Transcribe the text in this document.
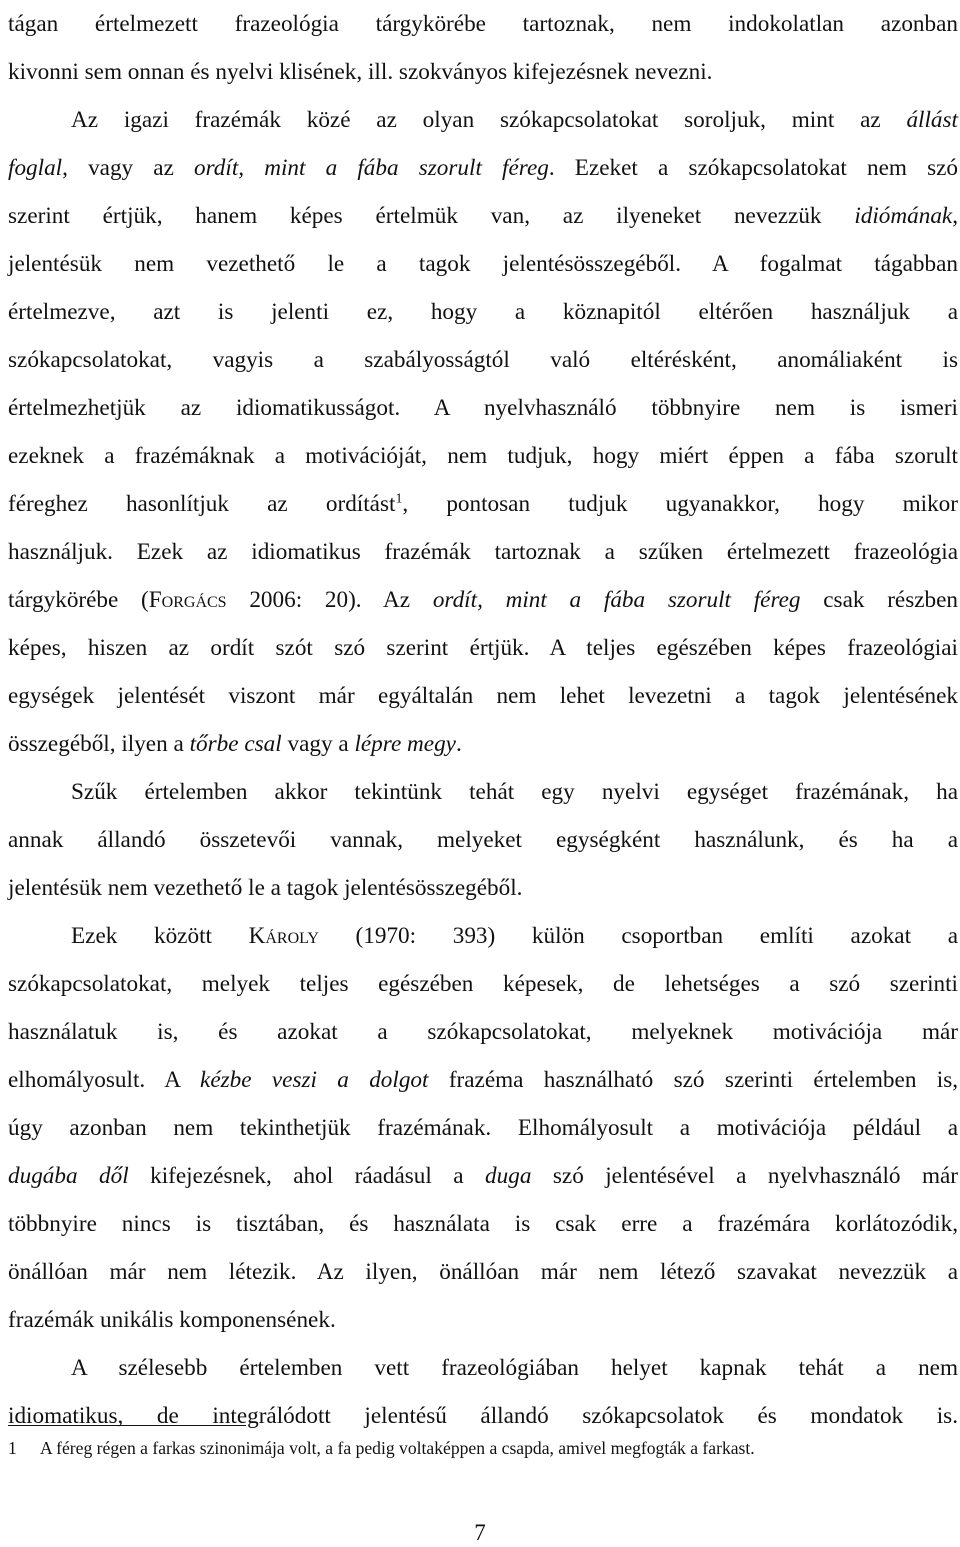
tágan értelmezett frazeológia tárgykörébe tartoznak, nem indokolatlan azonban
kivonni sem onnan és nyelvi klisének, ill. szokványos kifejezésnek nevezni.
Az igazi frazémák közé az olyan szókapcsolatokat soroljuk, mint az állást
foglal, vagy az ordít, mint a fába szorult féreg. Ezeket a szókapcsolatokat nem szó
szerint értjük, hanem képes értelmük van, az ilyeneket nevezzük idiómának,
jelentésük nem vezethető le a tagok jelentésösszegéből. A fogalmat tágabban
értelmezve, azt is jelenti ez, hogy a köznapitól eltérően használjuk a
szókapcsolatokat, vagyis a szabályosságtól való eltérésként, anomáliaként is
értelmezhetjük az idiomatikusságot. A nyelvhasználó többnyire nem is ismeri
ezeknek a frazémáknak a motivációját, nem tudjuk, hogy miért éppen a fába szorult
féreghez hasonlítjuk az ordítást$^1$, pontosan tudjuk ugyanakkor, hogy mikor
használjuk. Ezek az idiomatikus frazémák tartoznak a szűken értelmezett frazeológia
tárgykörébe (Forgács 2006: 20). Az ordít, mint a fába szorult féreg csak részben
képes, hiszen az ordít szót szó szerint értjük. A teljes egészében képes frazeológiai
egységek jelentését viszont már egyáltalán nem lehet levezetni a tagok jelentésének
összegéből, ilyen a tőrbe csal vagy a lépre megy.
Szűk értelemben akkor tekintünk tehát egy nyelvi egységet frazémának, ha
annak állandó összetevői vannak, melyeket egységként használunk, és ha a
jelentésük nem vezethető le a tagok jelentésösszegéből.
Ezek között Károly (1970: 393) külön csoportban említi azokat a
szókapcsolatokat, melyek teljes egészében képesek, de lehetséges a szó szerinti
használatuk is, és azokat a szókapcsolatokat, melyeknek motivációja már
elhomályosult. A kézbe veszi a dolgot frazéma használható szó szerinti értelemben is,
úgy azonban nem tekinthetjük frazémának. Elhomályosult a motivációja például a
dugába dől kifejezésnek, ahol ráadásul a duga szó jelentésével a nyelvhasználó már
többnyire nincs is tisztában, és használata is csak erre a frazémára korlátozódik,
önállóan már nem létezik. Az ilyen, önállóan már nem létező szavakat nevezzük a
frazémák unikális komponensének.
A szélesebb értelemben vett frazeológiában helyet kapnak tehát a nem
idiomatikus, de integrálódott jelentésű állandó szókapcsolatok és mondatok is.
1 A féreg régen a farkas szinonimája volt, a fa pedig voltaképpen a csapda, amivel megfogták a farkast.
7
